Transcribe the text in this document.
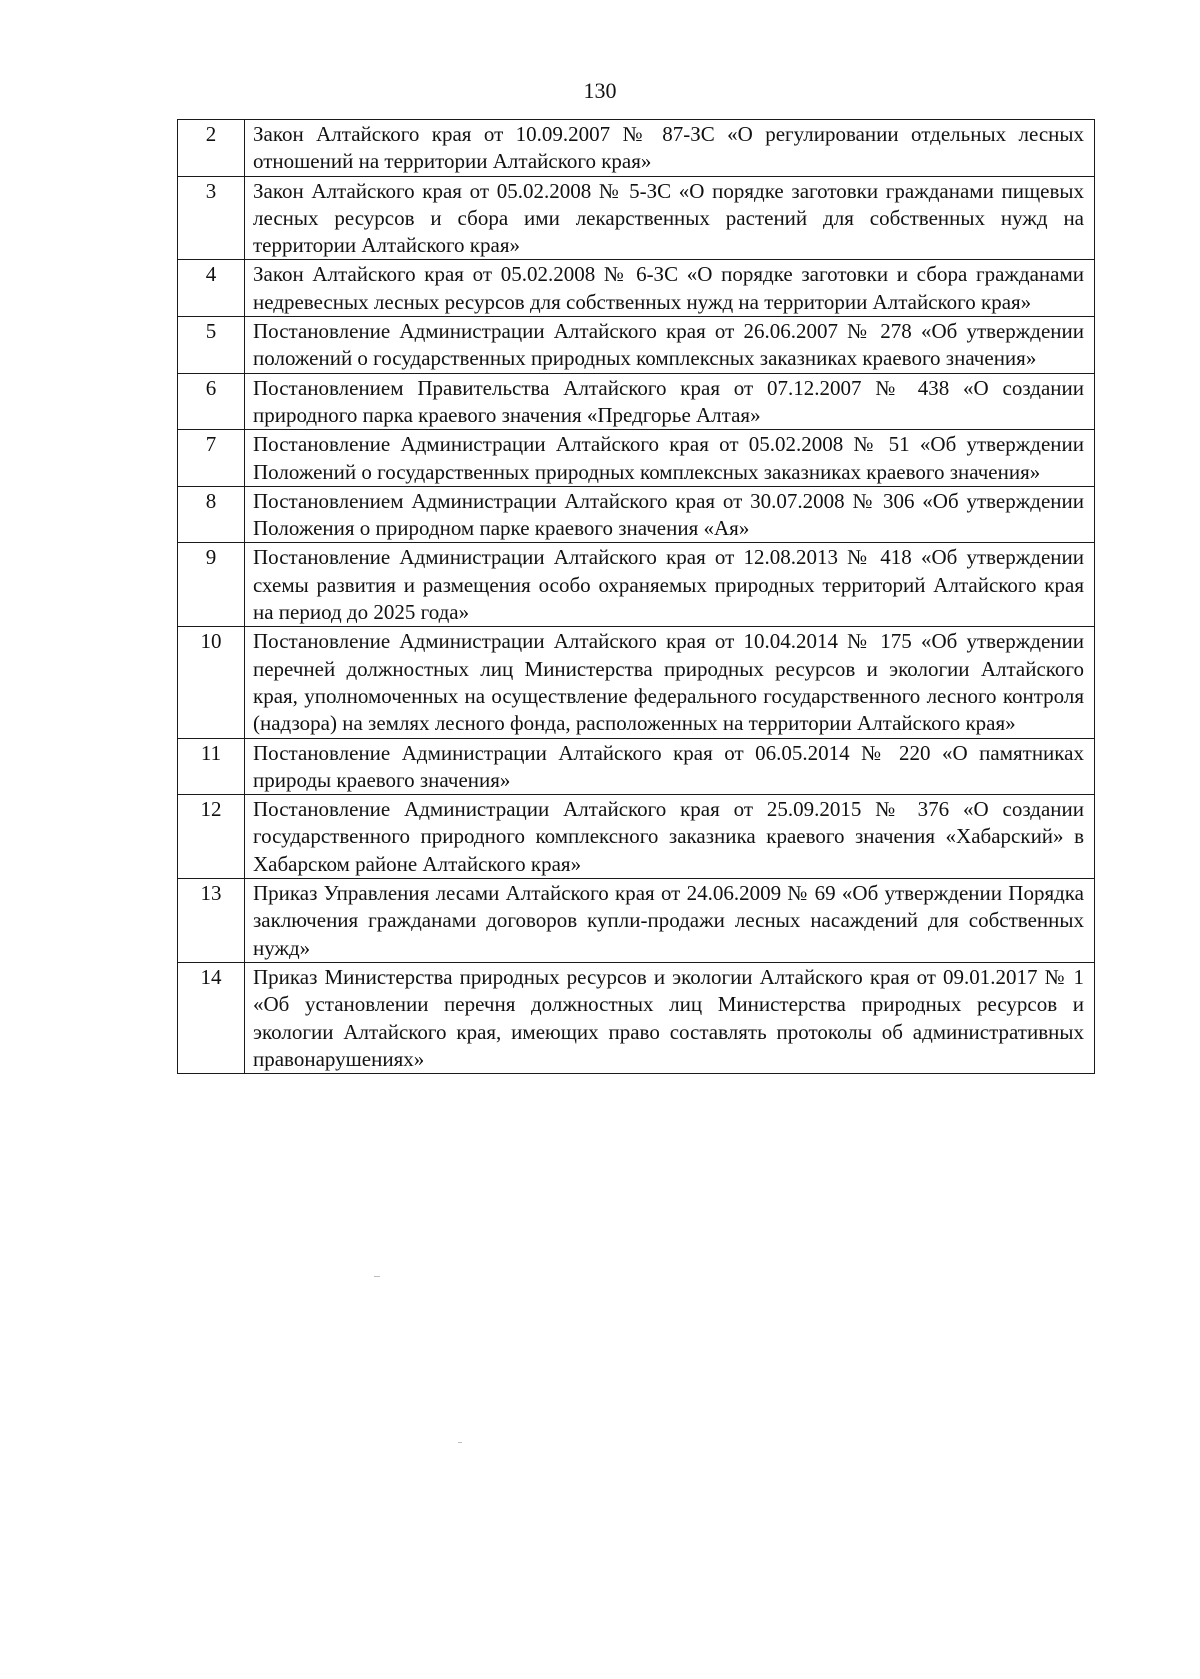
130
2	Закон Алтайского края от 10.09.2007 № 87-ЗС «О регулировании отдельных лесных отношений на территории Алтайского края»
3	Закон Алтайского края от 05.02.2008 № 5-ЗС «О порядке заготовки гражданами пищевых лесных ресурсов и сбора ими лекарственных растений для собственных нужд на территории Алтайского края»
4	Закон Алтайского края от 05.02.2008 № 6-ЗС «О порядке заготовки и сбора гражданами недревесных лесных ресурсов для собственных нужд на территории Алтайского края»
5	Постановление Администрации Алтайского края от 26.06.2007 № 278 «Об утверждении положений о государственных природных комплексных заказниках краевого значения»
6	Постановлением Правительства Алтайского края от 07.12.2007 № 438 «О создании природного парка краевого значения «Предгорье Алтая»
7	Постановление Администрации Алтайского края от 05.02.2008 № 51 «Об утверждении Положений о государственных природных комплексных заказниках краевого значения»
8	Постановлением Администрации Алтайского края от 30.07.2008 № 306 «Об утверждении Положения о природном парке краевого значения «Ая»
9	Постановление Администрации Алтайского края от 12.08.2013 № 418 «Об утверждении схемы развития и размещения особо охраняемых природных территорий Алтайского края на период до 2025 года»
10	Постановление Администрации Алтайского края от 10.04.2014 № 175 «Об утверждении перечней должностных лиц Министерства природных ресурсов и экологии Алтайского края, уполномоченных на осуществление федерального государственного лесного контроля (надзора) на землях лесного фонда, расположенных на территории Алтайского края»
11	Постановление Администрации Алтайского края от 06.05.2014 № 220 «О памятниках природы краевого значения»
12	Постановление Администрации Алтайского края от 25.09.2015 № 376 «О создании государственного природного комплексного заказника краевого значения «Хабарский» в Хабарском районе Алтайского края»
13	Приказ Управления лесами Алтайского края от 24.06.2009 № 69 «Об утверждении Порядка заключения гражданами договоров купли-продажи лесных насаждений для собственных нужд»
14	Приказ Министерства природных ресурсов и экологии Алтайского края от 09.01.2017 № 1 «Об установлении перечня должностных лиц Министерства природных ресурсов и экологии Алтайского края, имеющих право составлять протоколы об административных правонарушениях»
